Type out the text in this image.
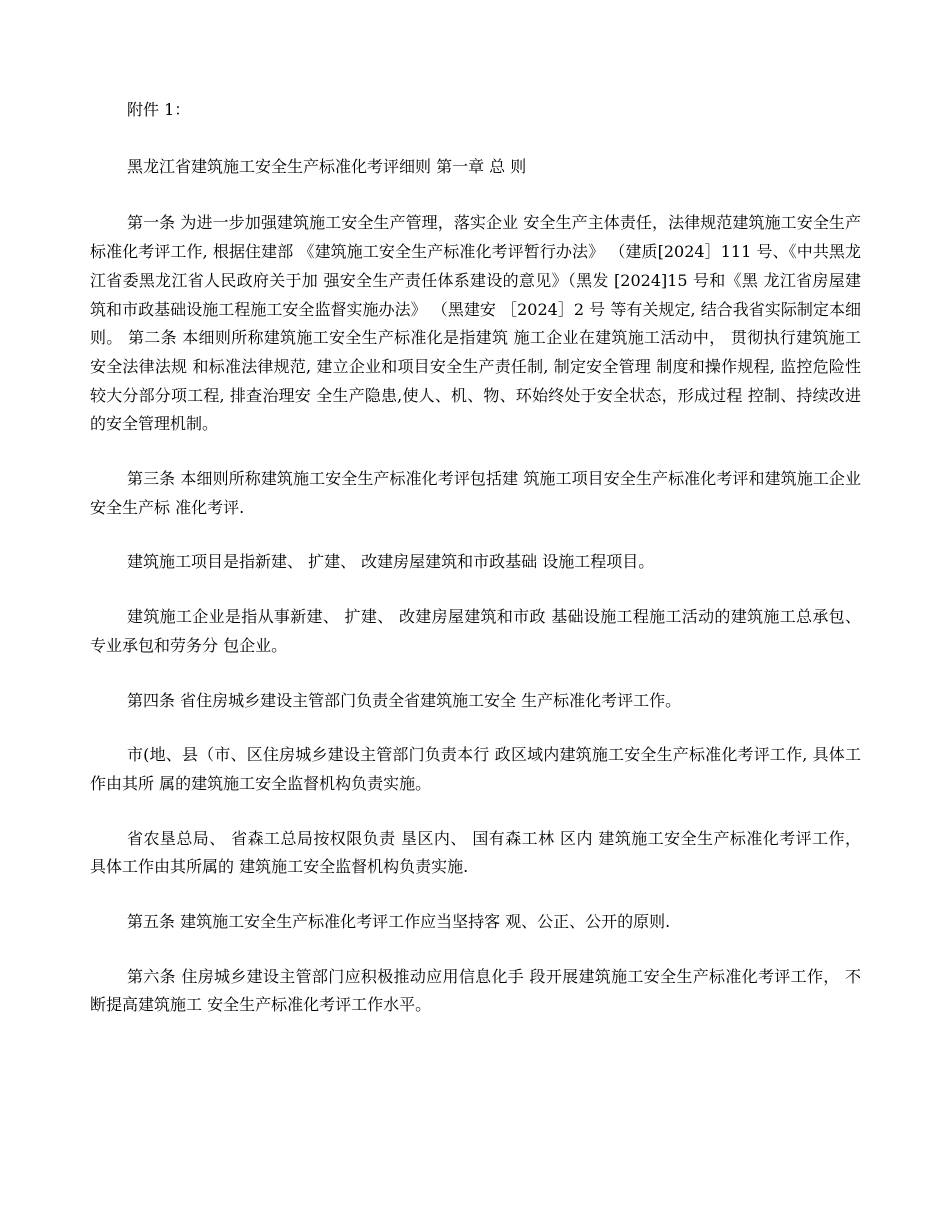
附件 1：

黑龙江省建筑施工安全生产标准化考评细则 第一章 总 则

第一条 为进一步加强建筑施工安全生产管理，落实企业 安全生产主体责任，法律规范建筑施工安全生产标准化考评工作, 根据住建部 《建筑施工安全生产标准化考评暂行办法》 （建质[2024］111 号、《中共黑龙江省委黑龙江省人民政府关于加 强安全生产责任体系建设的意见》（黑发 [2024]15 号和《黑 龙江省房屋建筑和市政基础设施工程施工安全监督实施办法》 （黑建安 ［2024］2 号 等有关规定, 结合我省实际制定本细则。 第二条 本细则所称建筑施工安全生产标准化是指建筑 施工企业在建筑施工活动中， 贯彻执行建筑施工安全法律法规 和标准法律规范, 建立企业和项目安全生产责任制, 制定安全管理 制度和操作规程, 监控危险性较大分部分项工程, 排查治理安 全生产隐患,使人、机、物、环始终处于安全状态，形成过程 控制、持续改进的安全管理机制。

第三条 本细则所称建筑施工安全生产标准化考评包括建 筑施工项目安全生产标准化考评和建筑施工企业安全生产标 准化考评.

建筑施工项目是指新建、 扩建、 改建房屋建筑和市政基础 设施工程项目。

建筑施工企业是指从事新建、 扩建、 改建房屋建筑和市政 基础设施工程施工活动的建筑施工总承包、 专业承包和劳务分 包企业。

第四条 省住房城乡建设主管部门负责全省建筑施工安全 生产标准化考评工作。

市(地、县（市、区住房城乡建设主管部门负责本行 政区域内建筑施工安全生产标准化考评工作, 具体工作由其所 属的建筑施工安全监督机构负责实施。

省农垦总局、 省森工总局按权限负责 垦区内、 国有森工林 区内 建筑施工安全生产标准化考评工作， 具体工作由其所属的 建筑施工安全监督机构负责实施.

第五条 建筑施工安全生产标准化考评工作应当坚持客 观、公正、公开的原则.

第六条 住房城乡建设主管部门应积极推动应用信息化手 段开展建筑施工安全生产标准化考评工作， 不断提高建筑施工 安全生产标准化考评工作水平。
